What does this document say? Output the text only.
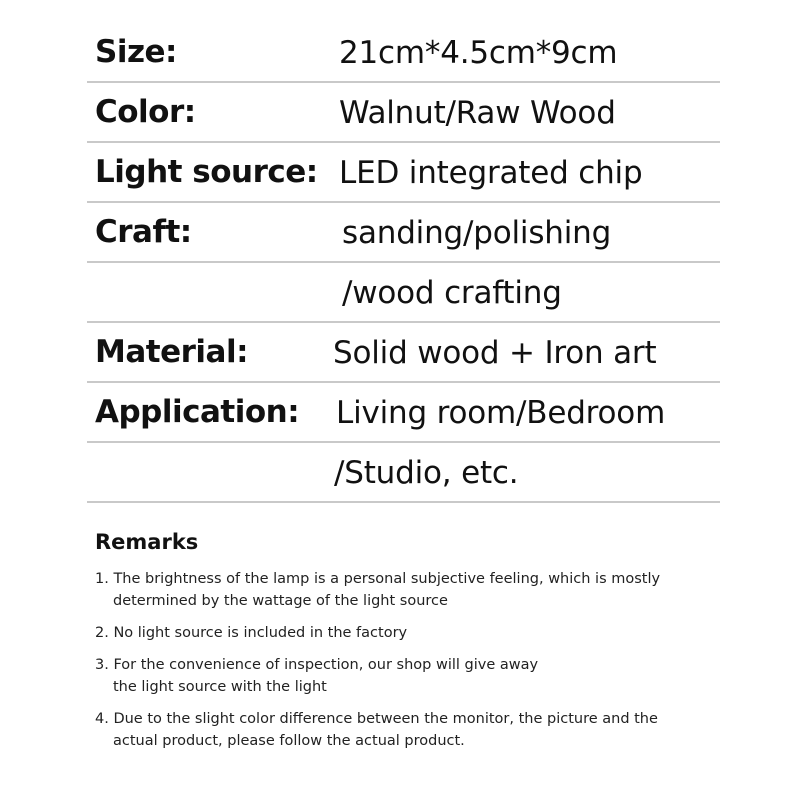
Size:	21cm*4.5cm*9cm
Color:	Walnut/Raw Wood
Light source: LED integrated chip
Craft:	sanding/polishing
/wood crafting
Material:	Solid wood + Iron art
Application: Living room/Bedroom
/Studio, etc.
Remarks
1. The brightness of the lamp is a personal subjective feeling, which is mostly
determined by the wattage of the light source
2. No light source is included in the factory
3. For the convenience of inspection, our shop will give away
the light source with the light
4. Due to the slight color difference between the monitor, the picture and the
actual product, please follow the actual product.
